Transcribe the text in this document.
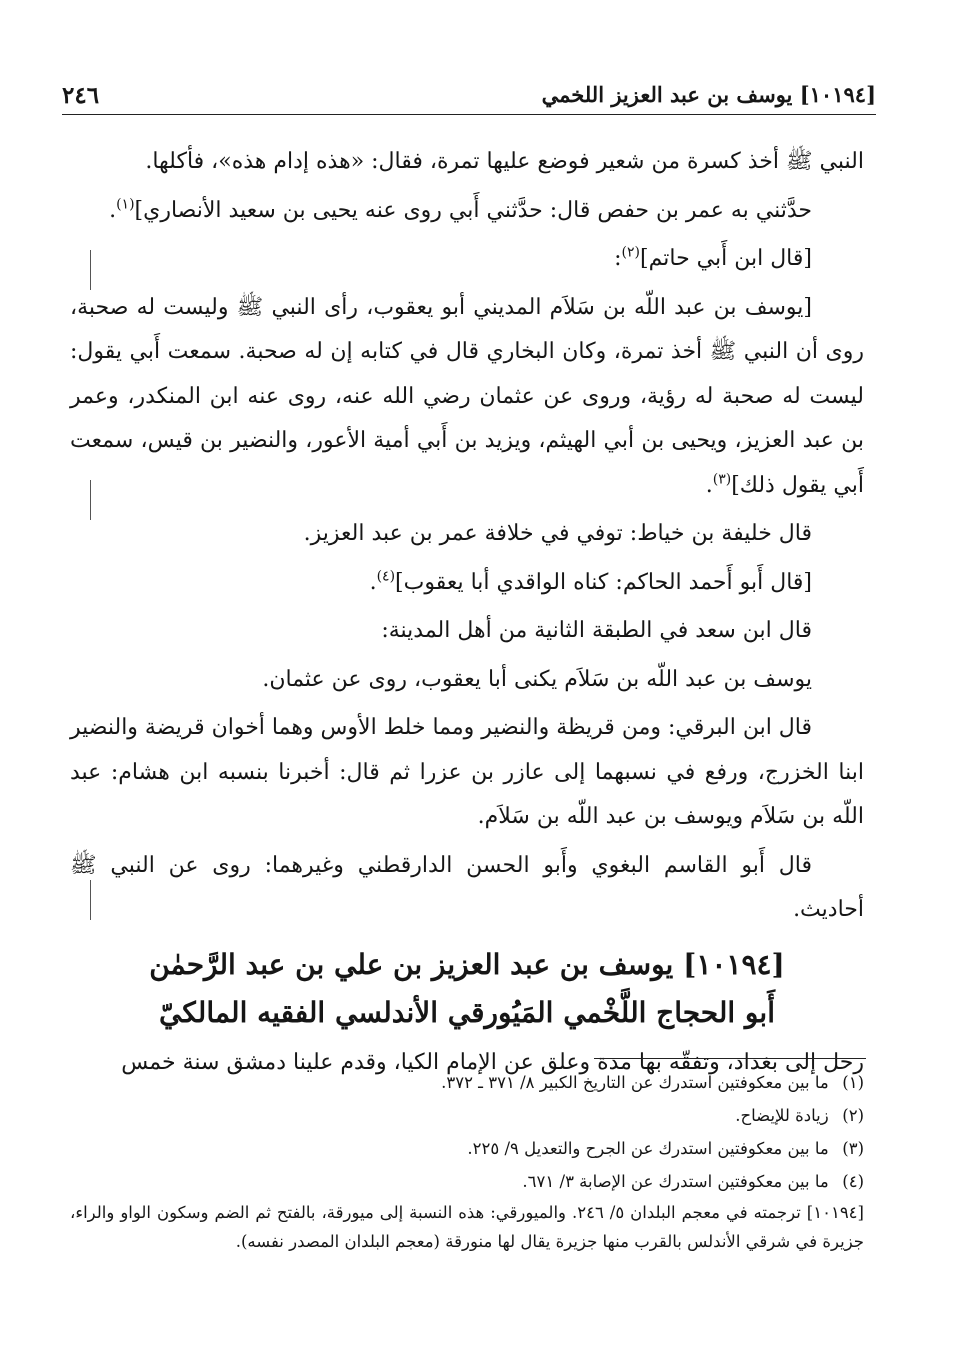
٢٤٦	[١٠١٩٤] يوسف بن عبد العزيز اللخمي

النبي ﷺ أخذ كسرة من شعير فوضع عليها تمرة، فقال: «هذه إدام هذه»، فأكلها.

حدَّثني به عمر بن حفص قال: حدَّثني أَبي روى عنه يحيى بن سعيد الأنصاري]$^{(١)}$.

[قال ابن أَبي حاتم]$^{(٢)}$:

[يوسف بن عبد اللّه بن سَلاَم المديني أبو يعقوب، رأى النبي ﷺ وليست له صحبة، روى أن النبي ﷺ أخذ تمرة، وكان البخاري قال في كتابه إن له صحبة. سمعت أَبي يقول: ليست له صحبة له رؤية، وروى عن عثمان رضي الله عنه، روى عنه ابن المنكدر، وعمر بن عبد العزيز، ويحيى بن أبي الهيثم، ويزيد بن أَبي أمية الأعور، والنضير بن قيس، سمعت أَبي يقول ذلك]$^{(٣)}$.

قال خليفة بن خياط: توفي في خلافة عمر بن عبد العزيز.

[قال أَبو أَحمد الحاكم: كناه الواقدي أبا يعقوب]$^{(٤)}$.

قال ابن سعد في الطبقة الثانية من أهل المدينة:

يوسف بن عبد اللّه بن سَلاَم يكنى أبا يعقوب، روى عن عثمان.

قال ابن البرقي: ومن قريظة والنضير ومما خلط الأوس وهما أخوان قريضة والنضير ابنا الخزرج، ورفع في نسبهما إلى عازر بن عزرا ثم قال: أخبرنا بنسبه ابن هشام: عبد اللّه بن سَلاَم ويوسف بن عبد اللّه بن سَلاَم.

قال أَبو القاسم البغوي وأَبو الحسن الدارقطني وغيرهما: روى عن النبي ﷺ أحاديث.

[١٠١٩٤] يوسف بن عبد العزيز بن علي بن عبد الرَّحمٰن
أَبو الحجاج اللَّخْمي المَيُورقي الأندلسي الفقيه المالكيّ

رحل إلى بغداد، وتفقّه بها مدة وعلق عن الإمام الكيا، وقدم علينا دمشق سنة خمس

(١) ما بين معكوفتين استدرك عن التاريخ الكبير ٨/ ٣٧١ ـ ٣٧٢.

(٢) زيادة للإيضاح.

(٣) ما بين معكوفتين استدرك عن الجرح والتعديل ٩/ ٢٢٥.

(٤) ما بين معكوفتين استدرك عن الإصابة ٣/ ٦٧١.

[١٠١٩٤] ترجمته في معجم البلدان ٥/ ٢٤٦. والميورقي: هذه النسبة إلى ميورقة، بالفتح ثم الضم وسكون الواو والراء، جزيرة في شرقي الأندلس بالقرب منها جزيرة يقال لها منورقة (معجم البلدان المصدر نفسه).
